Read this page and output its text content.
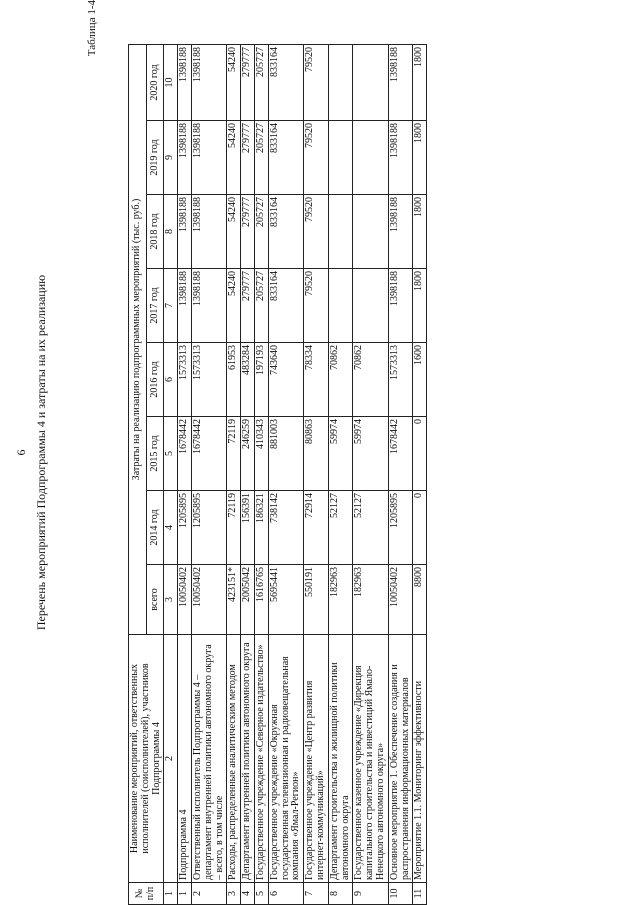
6 Перечень мероприятий Подпрограммы 4 и затраты на их реализацию
Таблица 1-4
№ п/п	Наименование мероприятий, ответственных исполнителей (соисполнителей), участников Подпрограммы 4	Затраты на реализацию подпрограммных мероприятий (тыс. руб.)							
		всего	2014 год	2015 год	2016 год	2017 год	2018 год	2019 год	2020 год
1	2	3	4	5	6	7	8	9	10
1	Подпрограмма 4	10050402	1205895	1678442	1573313	1398188	1398188	1398188	1398188
2	Ответственный исполнитель Подпрограммы 4 – департамент внутренней политики автономного округа – всего, в том числе	10050402	1205895	1678442	1573313	1398188	1398188	1398188	1398188
3	Расходы, распределенные аналитическим методом	423151*	72119	72119	61953	54240	54240	54240	54240
4	Департамент внутренней политики автономного округа	2005042	156391	246259	483284	279777	279777	279777	279777
5	Государственное учреждение «Северное издательство»	1616765	186321	410343	197193	205727	205727	205727	205727
6	Государственное учреждение «Окружная государственная телевизионная и радиовещательная компания «Ямал-Регион»	5695441	738142	881003	743640	833164	833164	833164	833164
7	Государственное учреждение «Центр развития интернет-коммуникаций»	550191	72914	80863	78334	79520	79520	79520	79520
8	Департамент строительства и жилищной политики автономного округа	182963	52127	59974	70862				
9	Государственное казенное учреждение «Дирекция капитального строительства и инвестиций Ямало-Ненецкого автономного округа»	182963	52127	59974	70862				
10	Основное мероприятие 1. Обеспечение создания и распространения информационных материалов	10050402	1205895	1678442	1573313	1398188	1398188	1398188	1398188
11	Мероприятие 1.1. Мониторинг эффективности	8800	0	0	1600	1800	1800	1800	1800
